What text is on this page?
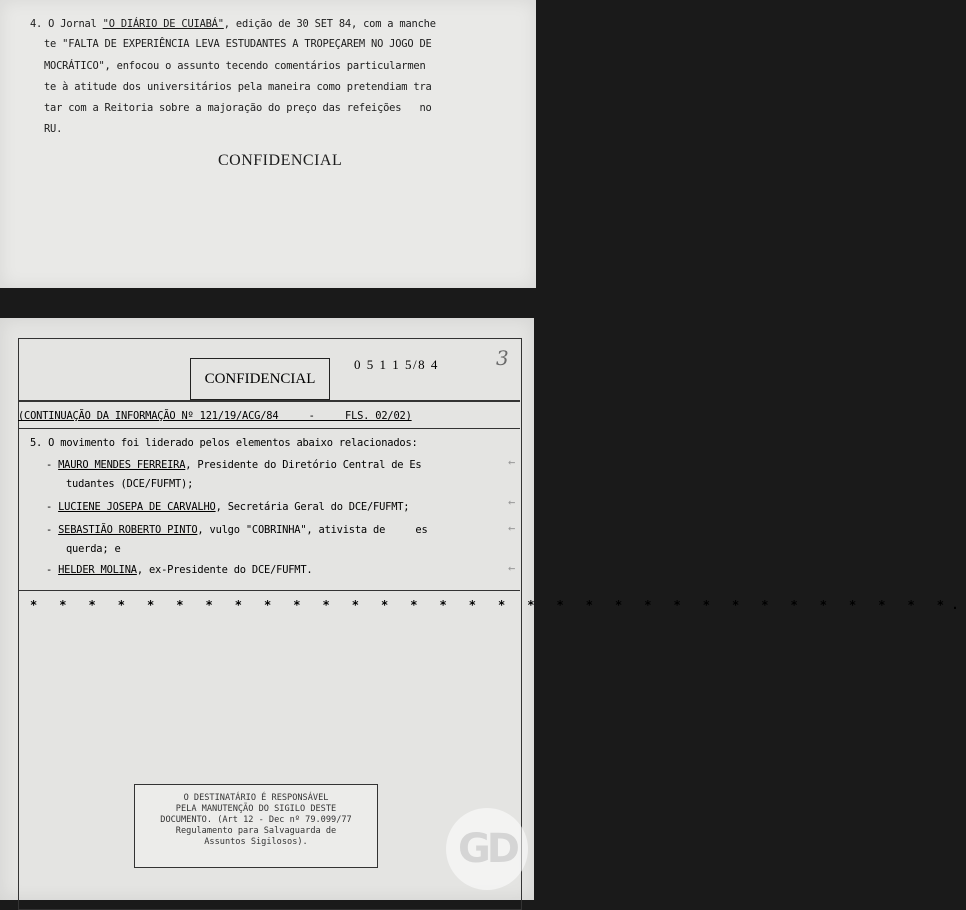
4. O Jornal "O DIÁRIO DE CUIABÁ", edição de 30 SET 84, com a manche
te "FALTA DE EXPERIÊNCIA LEVA ESTUDANTES A TROPEÇAREM NO JOGO DE
MOCRÁTICO", enfocou o assunto tecendo comentários particularmen
te à atitude dos universitários pela maneira como pretendiam tra
tar com a Reitoria sobre a majoração do preço das refeições   no
RU.
CONFIDENCIAL
CONFIDENCIAL
0 5 1 1 5/8 4	3
(CONTINUAÇÃO DA INFORMAÇÃO Nº 121/19/ACG/84     -     FLS. 02/02)
5. O movimento foi liderado pelos elementos abaixo relacionados:
- MAURO MENDES FERREIRA, Presidente do Diretório Central de Es
tudantes (DCE/FUFMT);
- LUCIENE JOSEPA DE CARVALHO, Secretária Geral do DCE/FUFMT;
- SEBASTIÃO ROBERTO PINTO, vulgo "COBRINHA", ativista de     es
querda; e
- HELDER MOLINA, ex-Presidente do DCE/FUFMT.
* * * * * * * * * * * * * * * * * * * * * * * * * * * * * * * *.
←
←
←
←
O DESTINATÁRIO É RESPONSÁVEL
PELA MANUTENÇÃO DO SIGILO DESTE
DOCUMENTO. (Art 12 - Dec nº 79.099/77
Regulamento para Salvaguarda de
Assuntos Sigilosos).	GD
